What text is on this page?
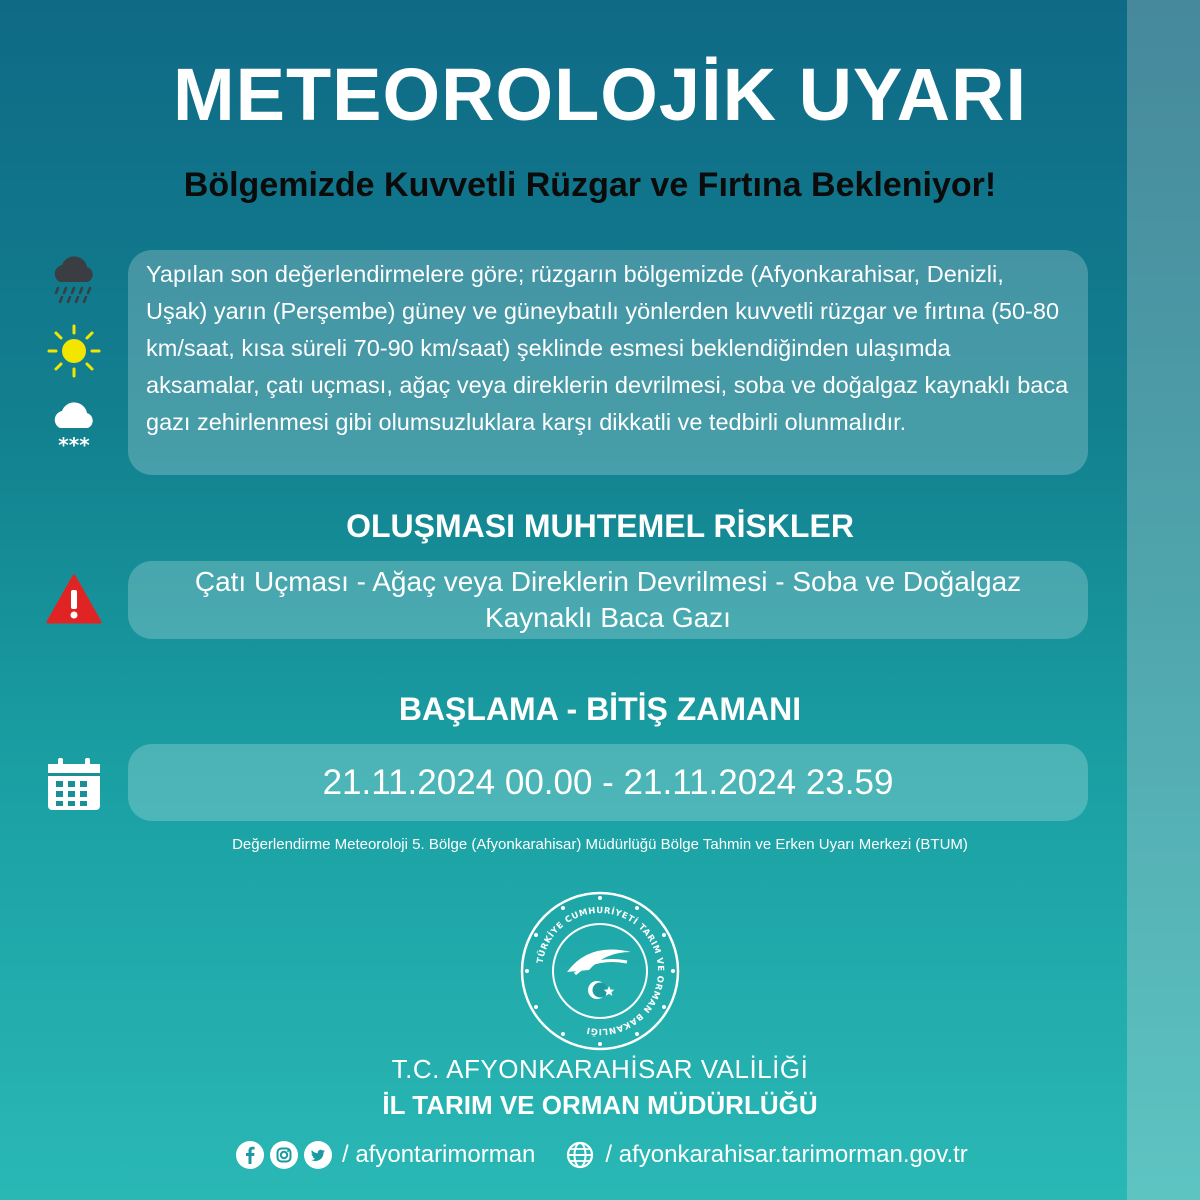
METEOROLOJİK UYARI
Bölgemizde Kuvvetli Rüzgar ve Fırtına Bekleniyor!
***

Yapılan son değerlendirmelere göre; rüzgarın bölgemizde (Afyonkarahisar, Denizli, Uşak) yarın (Perşembe) güney ve güneybatılı yönlerden kuvvetli rüzgar ve fırtına (50-80 km/saat, kısa süreli 70-90 km/saat) şeklinde esmesi beklendiğinden ulaşımda aksamalar, çatı uçması, ağaç veya direklerin devrilmesi, soba ve doğalgaz kaynaklı baca gazı zehirlenmesi gibi olumsuzluklara karşı dikkatli ve tedbirli olunmalıdır.

OLUŞMASI MUHTEMEL RİSKLER

Çatı Uçması - Ağaç veya Direklerin Devrilmesi - Soba ve Doğalgaz Kaynaklı Baca Gazı

BAŞLAMA - BİTİŞ ZAMANI

21.11.2024 00.00 - 21.11.2024 23.59

Değerlendirme Meteoroloji 5. Bölge (Afyonkarahisar) Müdürlüğü Bölge Tahmin ve Erken Uyarı Merkezi (BTUM)

TÜRKİYE CUMHURİYETİ TARIM VE ORMAN BAKANLIĞI

T.C. AFYONKARAHİSAR VALİLİĞİ

İL TARIM VE ORMAN MÜDÜRLÜĞÜ

/ afyontarimorman	/ afyonkarahisar.tarimorman.gov.tr
